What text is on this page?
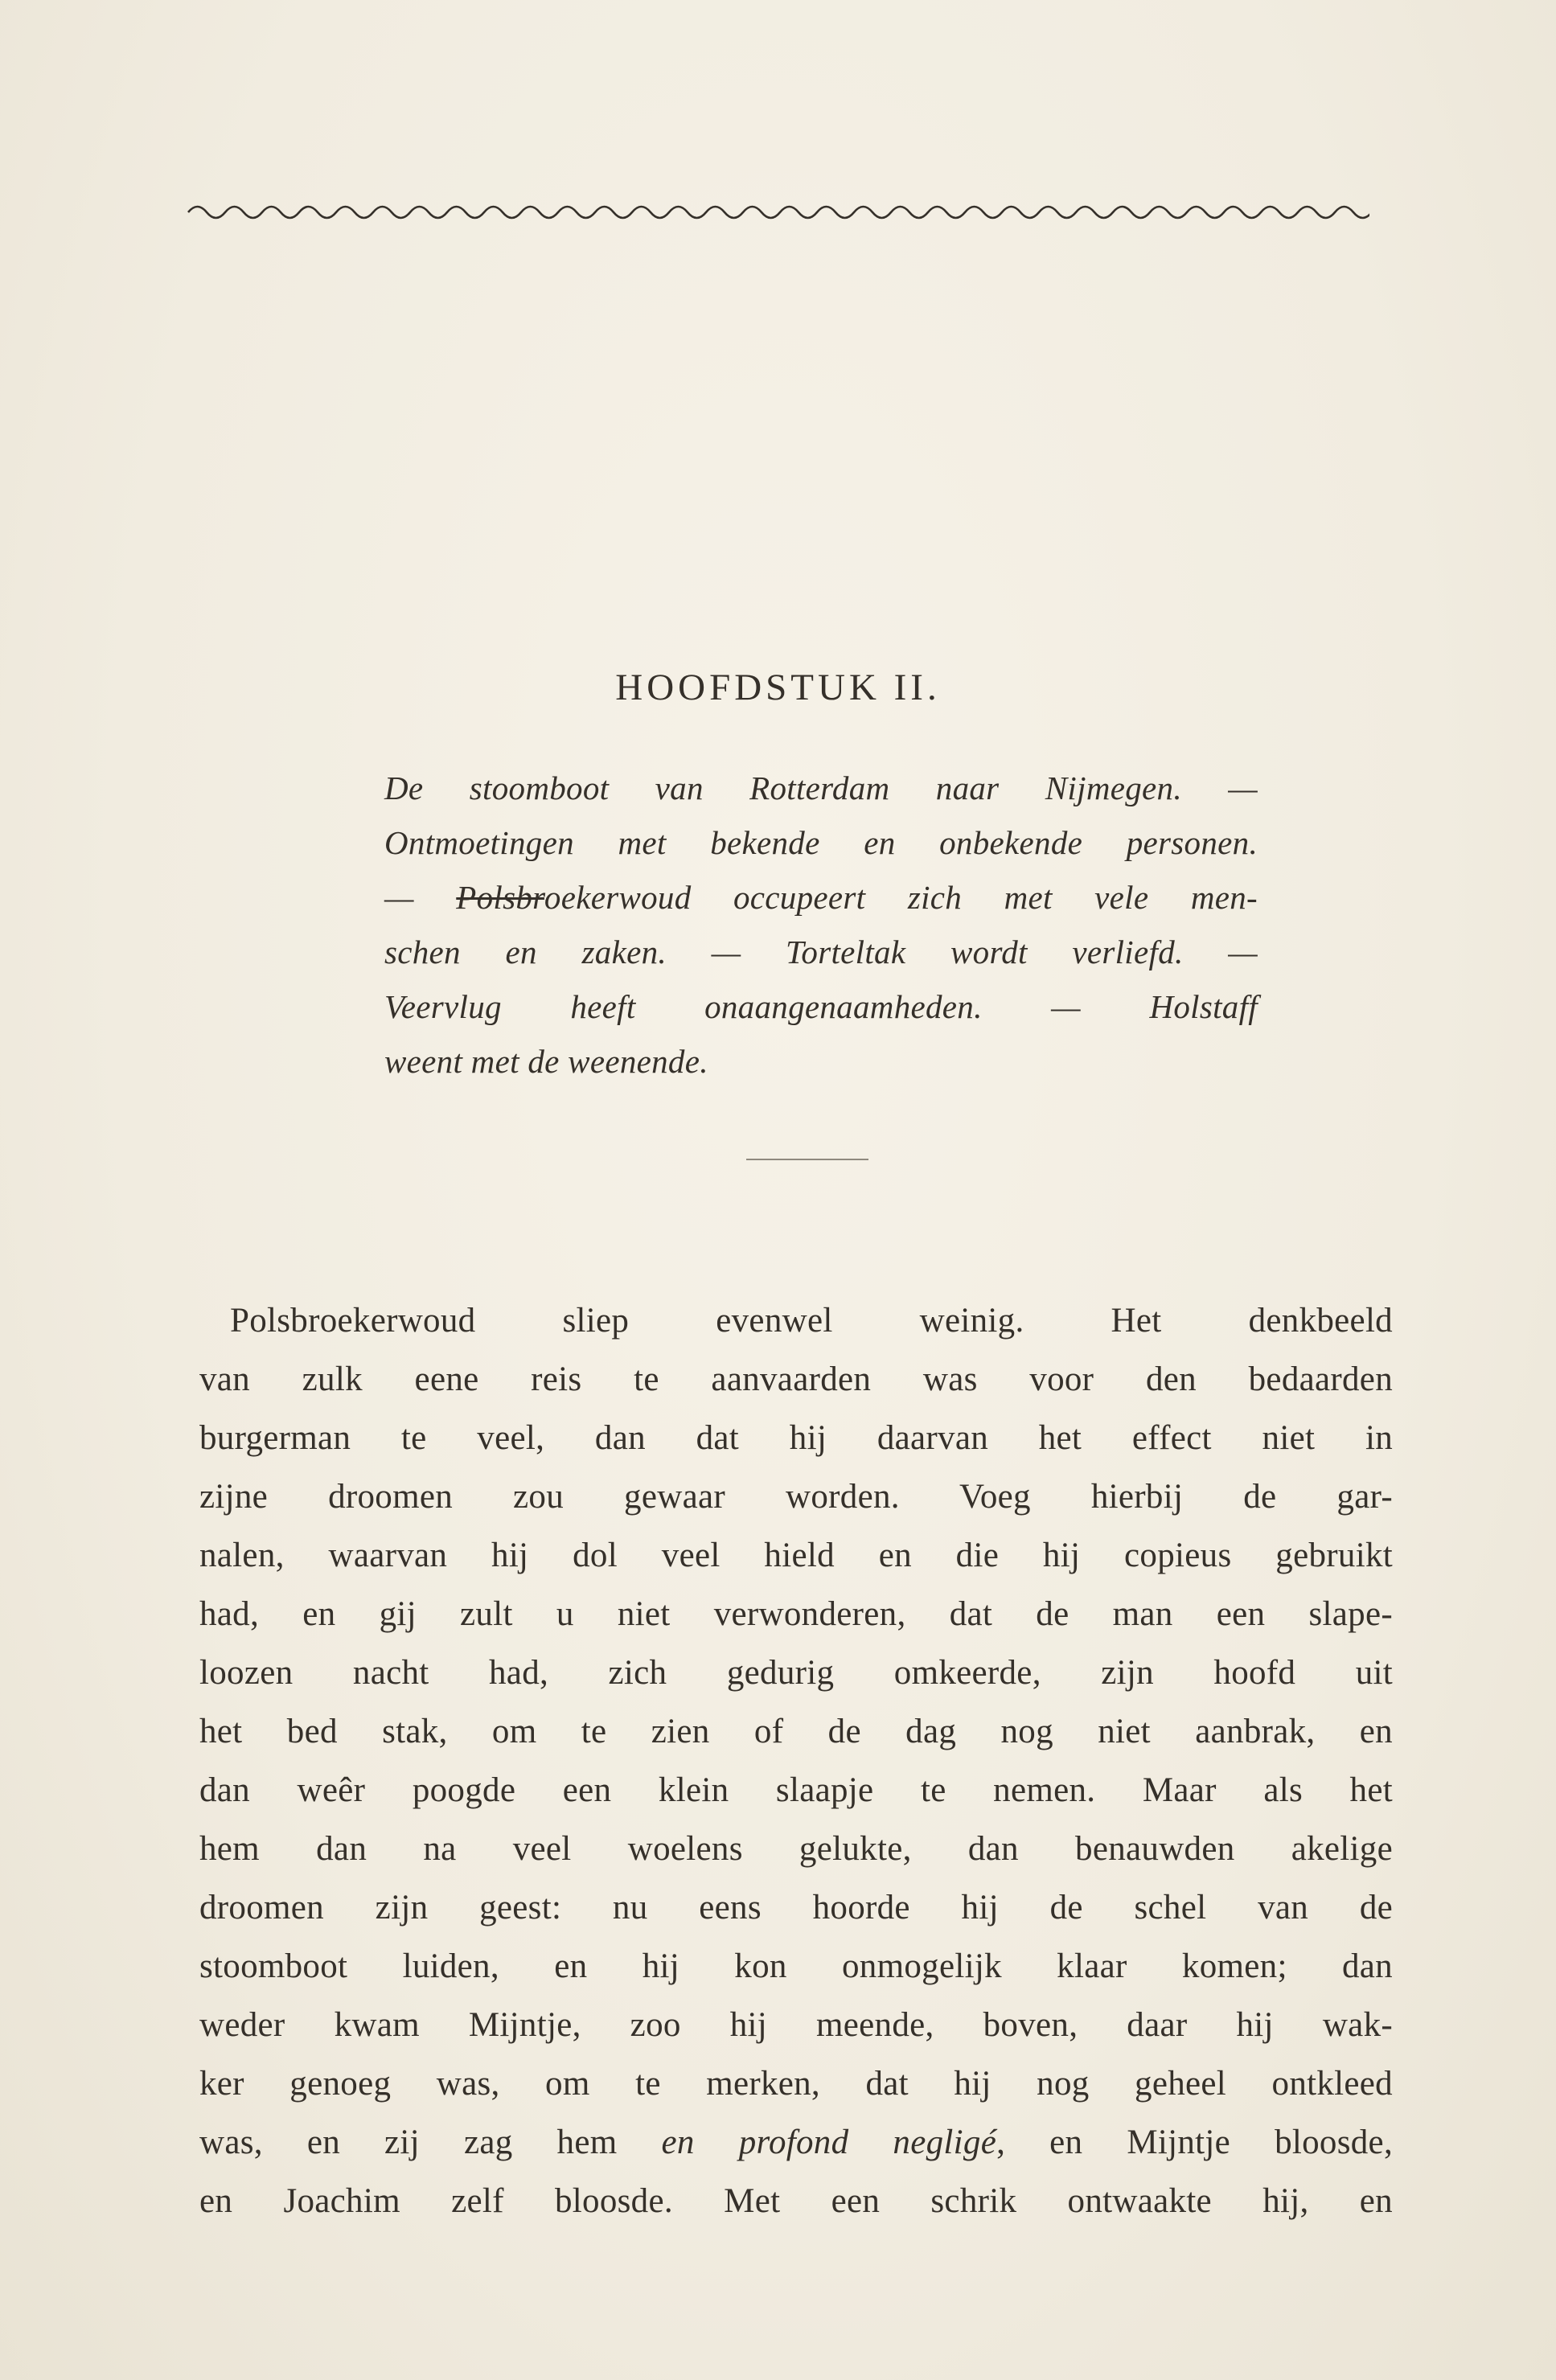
HOOFDSTUK II.
De stoomboot van Rotterdam naar Nijmegen. —
Ontmoetingen met bekende en onbekende personen.
— Polsbroekerwoud occupeert zich met vele men-
schen en zaken. — Torteltak wordt verliefd. —
Veervlug heeft onaangenaamheden. — Holstaff
weent met de weenende.
Polsbroekerwoud sliep evenwel weinig. Het denkbeeld
van zulk eene reis te aanvaarden was voor den bedaarden
burgerman te veel, dan dat hij daarvan het effect niet in
zijne droomen zou gewaar worden. Voeg hierbij de gar-
nalen, waarvan hij dol veel hield en die hij copieus gebruikt
had, en gij zult u niet verwonderen, dat de man een slape-
loozen nacht had, zich gedurig omkeerde, zijn hoofd uit
het bed stak, om te zien of de dag nog niet aanbrak, en
dan weêr poogde een klein slaapje te nemen. Maar als het
hem dan na veel woelens gelukte, dan benauwden akelige
droomen zijn geest: nu eens hoorde hij de schel van de
stoomboot luiden, en hij kon onmogelijk klaar komen; dan
weder kwam Mijntje, zoo hij meende, boven, daar hij wak-
ker genoeg was, om te merken, dat hij nog geheel ontkleed
was, en zij zag hem en profond negligé, en Mijntje bloosde,
en Joachim zelf bloosde. Met een schrik ontwaakte hij, en
